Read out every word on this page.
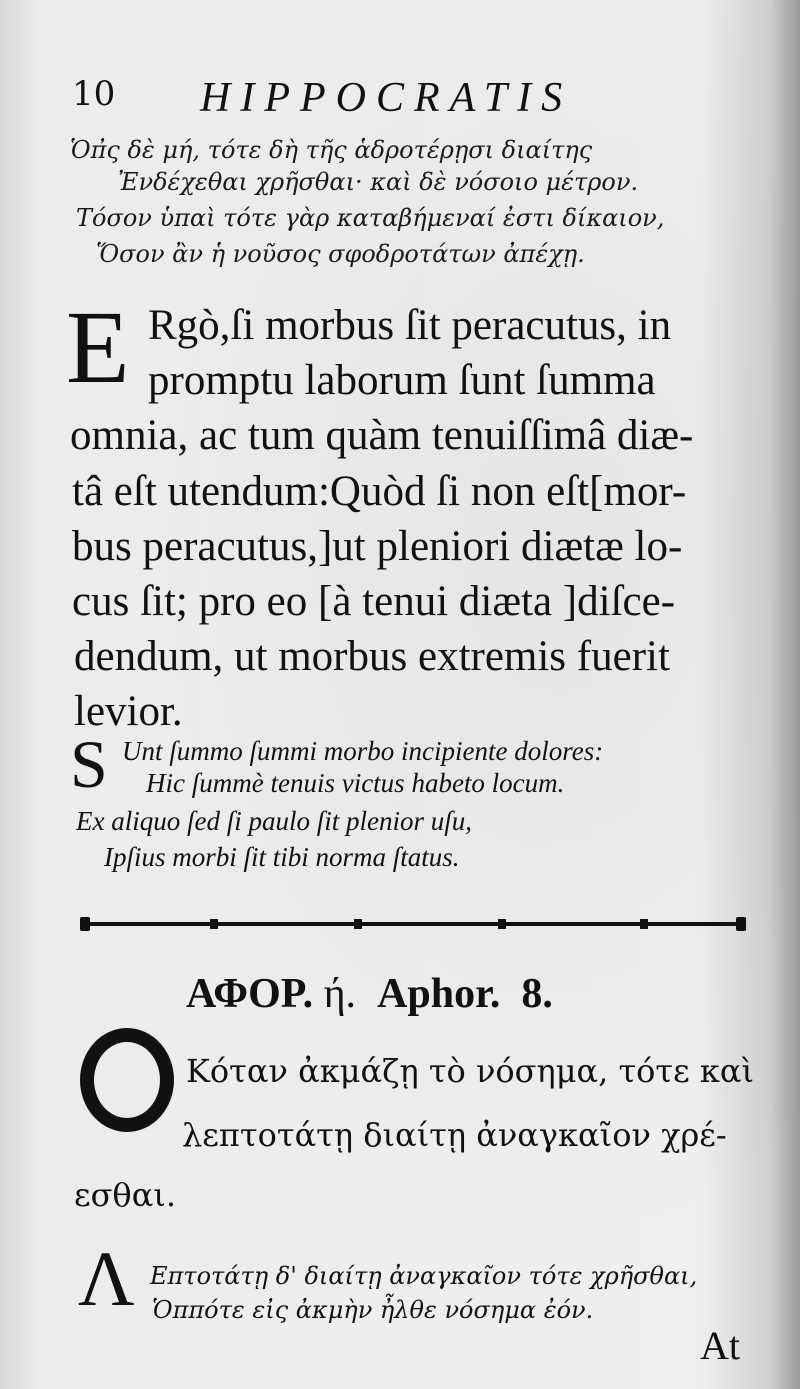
10 HIPPOCRATIS
Ὁπ̓ς δὲ μή, τότε δὴ τῆς ἁδροτέρῃσι διαίτης
Ἐνδέχεθαι χρῆσθαι· καὶ δὲ νόσοιο μέτρον.
Τόσον ὑπαὶ τότε γὰρ καταβήμεναί ἐστι δίκαιον,
Ὅσον ἂν ἡ νοῦσος σφοδροτάτων ἀπέχῃ.
E Rgò,ſi morbus ſit peracutus, in
promptu laborum ſunt ſumma
omnia, ac tum quàm tenuiſſimâ diæ-
tâ eſt utendum:Quòd ſi non eſt[mor-
bus peracutus,]ut pleniori diætæ lo-
cus ſit; pro eo [à tenui diæta ]diſce-
dendum, ut morbus extremis fuerit
levior.
S Unt ſummo ſummi morbo incipiente dolores:
Hic ſummè tenuis victus habeto locum.
Ex aliquo ſed ſi paulo ſit plenior uſu,
Ipſius morbi ſit tibi norma ſtatus.
ΑΦΟΡ. ή. Aphor. 8.
Κόταν ἀκμάζῃ τὸ νόσημα, τότε καὶ
λεπτοτάτῃ διαίτῃ ἀναγκαῖον χρέ-
εσθαι.
Λ Επτοτάτῃ δ' διαίτῃ ἀναγκαῖον τότε χρῆσθαι,
Ὁππότε εἰς ἀκμὴν ἦλθε νόσημα ἐόν.
At
